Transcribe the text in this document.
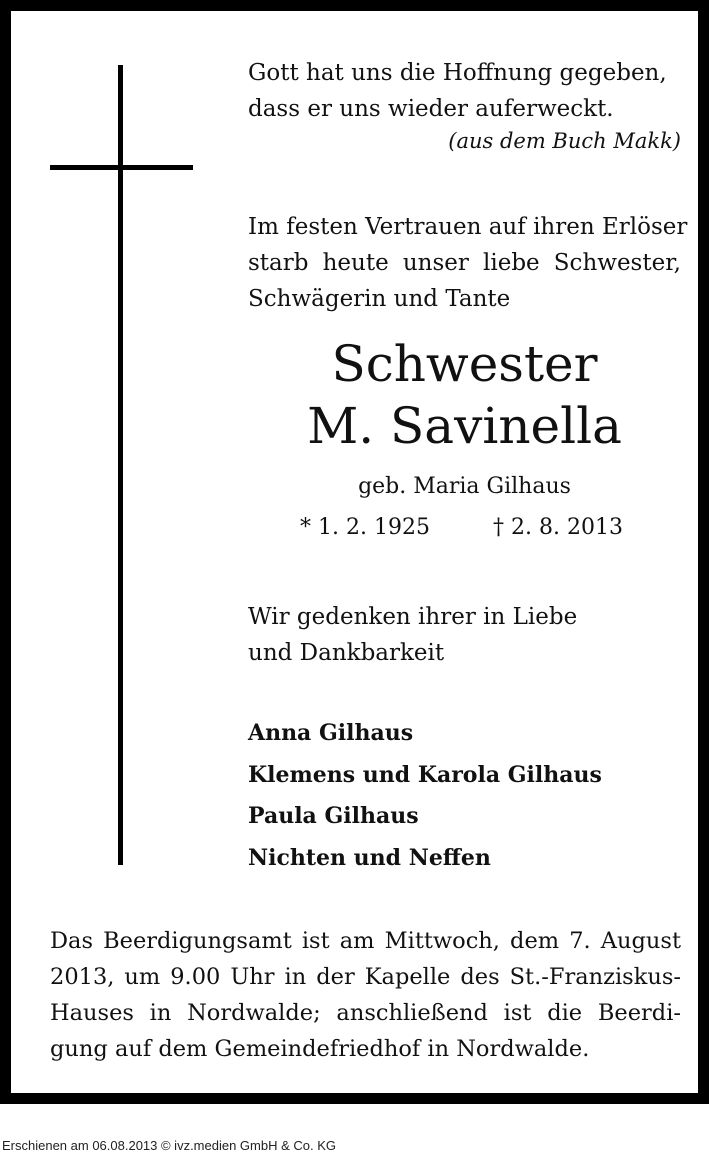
Gott hat uns die Hoffnung gegeben,
dass er uns wieder auferweckt.
(aus dem Buch Makk)
Im festen Vertrauen auf ihren Erlöser
starb heute unser liebe Schwester,
Schwägerin und Tante
Schwester
M. Savinella
geb. Maria Gilhaus
* 1. 2. 1925	† 2. 8. 2013
Wir gedenken ihrer in Liebe
und Dankbarkeit
Anna Gilhaus
Klemens und Karola Gilhaus
Paula Gilhaus
Nichten und Neffen
Das Beerdigungsamt ist am Mittwoch, dem 7. August
2013, um 9.00 Uhr in der Kapelle des St.-Franziskus-
Hauses in Nordwalde; anschließend ist die Beerdi-
gung auf dem Gemeindefriedhof in Nordwalde.
Erschienen am 06.08.2013 © ivz.medien GmbH & Co. KG
